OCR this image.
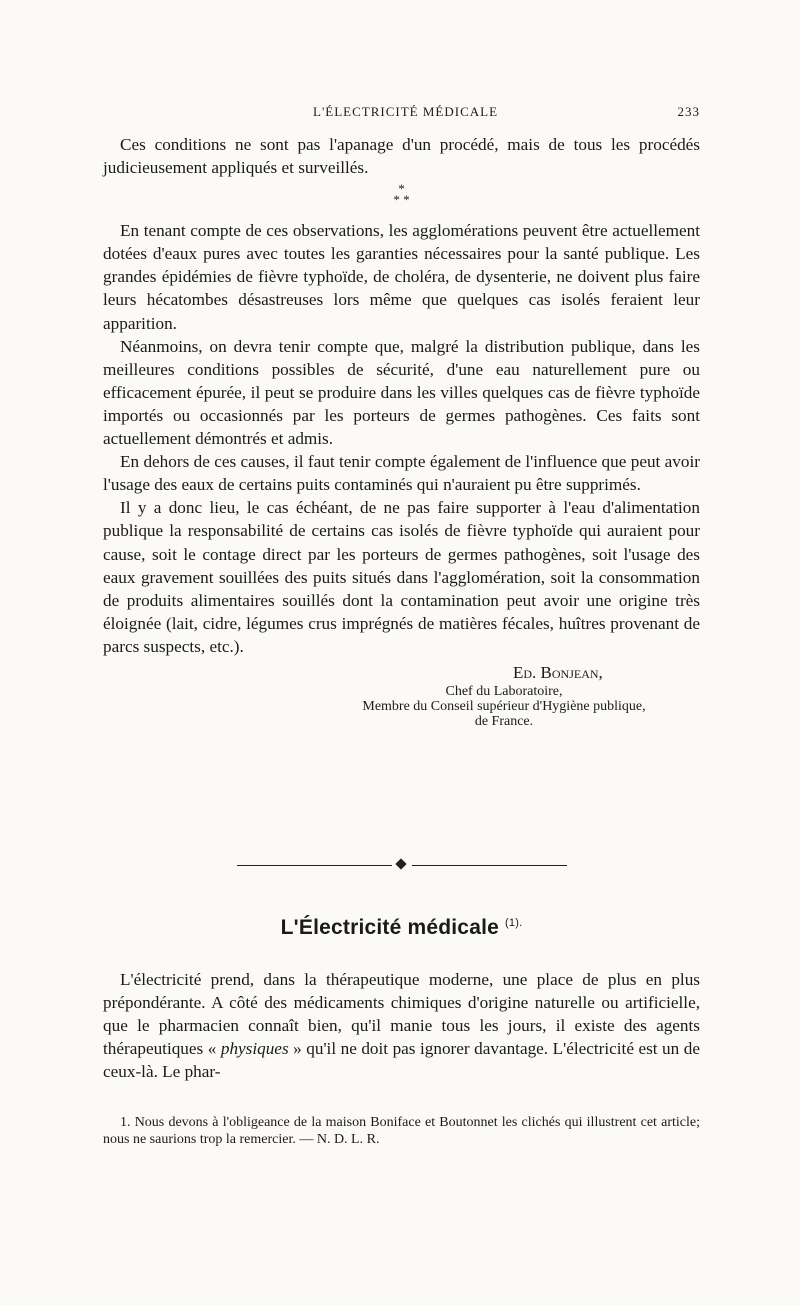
L'ÉLECTRICITÉ MÉDICALE	233

Ces conditions ne sont pas l'apanage d'un procédé, mais de tous les procédés judicieusement appliqués et surveillés.

*
* *

En tenant compte de ces observations, les agglomérations peuvent être actuellement dotées d'eaux pures avec toutes les garanties nécessaires pour la santé publique. Les grandes épidémies de fièvre typhoïde, de choléra, de dysenterie, ne doivent plus faire leurs hécatombes désastreuses lors même que quelques cas isolés feraient leur apparition.

Néanmoins, on devra tenir compte que, malgré la distribution publique, dans les meilleures conditions possibles de sécurité, d'une eau naturellement pure ou efficacement épurée, il peut se produire dans les villes quelques cas de fièvre typhoïde importés ou occasionnés par les porteurs de germes pathogènes. Ces faits sont actuellement démontrés et admis.

En dehors de ces causes, il faut tenir compte également de l'influence que peut avoir l'usage des eaux de certains puits contaminés qui n'auraient pu être supprimés.

Il y a donc lieu, le cas échéant, de ne pas faire supporter à l'eau d'alimentation publique la responsabilité de certains cas isolés de fièvre typhoïde qui auraient pour cause, soit le contage direct par les porteurs de germes pathogènes, soit l'usage des eaux gravement souillées des puits situés dans l'agglomération, soit la consommation de produits alimentaires souillés dont la contamination peut avoir une origine très éloignée (lait, cidre, légumes crus imprégnés de matières fécales, huîtres provenant de parcs suspects, etc.).

Ed. Bonjean,
Chef du Laboratoire,
Membre du Conseil supérieur d'Hygiène publique,
de France.
L'Électricité médicale $^{(1).}$

L'électricité prend, dans la thérapeutique moderne, une place de plus en plus prépondérante. A côté des médicaments chimiques d'origine naturelle ou artificielle, que le pharmacien connaît bien, qu'il manie tous les jours, il existe des agents thérapeutiques « physiques » qu'il ne doit pas ignorer davantage. L'électricité est un de ceux-là. Le phar-

1. Nous devons à l'obligeance de la maison Boniface et Boutonnet les clichés qui illustrent cet article; nous ne saurions trop la remercier. — N. D. L. R.
